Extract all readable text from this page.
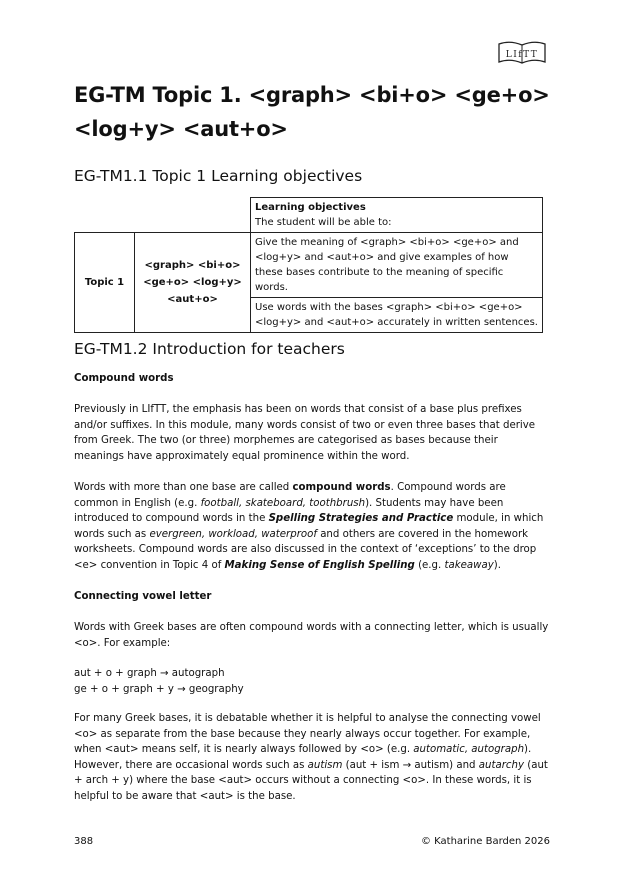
LIfTT
EG-TM Topic 1. <graph> <bi+o> <ge+o>
<log+y> <aut+o>
EG-TM1.1 Topic 1 Learning objectives

		Learning objectives
The student will be able to:

Topic 1	<graph> <bi+o>
<ge+o> <log+y>
<aut+o>	Give the meaning of <graph> <bi+o> <ge+o> and <log+y> and <aut+o> and give examples of how these bases contribute to the meaning of specific words.
		Use words with the bases <graph> <bi+o> <ge+o> <log+y> and <aut+o> accurately in written sentences.
EG-TM1.2 Introduction for teachers

Compound words

Previously in LIfTT, the emphasis has been on words that consist of a base plus prefixes and/or suffixes. In this module, many words consist of two or even three bases that derive from Greek. The two (or three) morphemes are categorised as bases because their meanings have approximately equal prominence within the word.

Words with more than one base are called compound words. Compound words are common in English (e.g. football, skateboard, toothbrush). Students may have been introduced to compound words in the Spelling Strategies and Practice module, in which words such as evergreen, workload, waterproof and others are covered in the homework worksheets. Compound words are also discussed in the context of ‘exceptions’ to the drop <e> convention in Topic 4 of Making Sense of English Spelling (e.g. takeaway).

Connecting vowel letter

Words with Greek bases are often compound words with a connecting letter, which is usually <o>. For example:

aut + o + graph → autograph
ge + o + graph + y → geography

For many Greek bases, it is debatable whether it is helpful to analyse the connecting vowel <o> as separate from the base because they nearly always occur together. For example, when <aut> means self, it is nearly always followed by <o> (e.g. automatic, autograph). However, there are occasional words such as autism (aut + ism → autism) and autarchy (aut + arch + y) where the base <aut> occurs without a connecting <o>. In these words, it is helpful to be aware that <aut> is the base.

388	© Katharine Barden 2026
